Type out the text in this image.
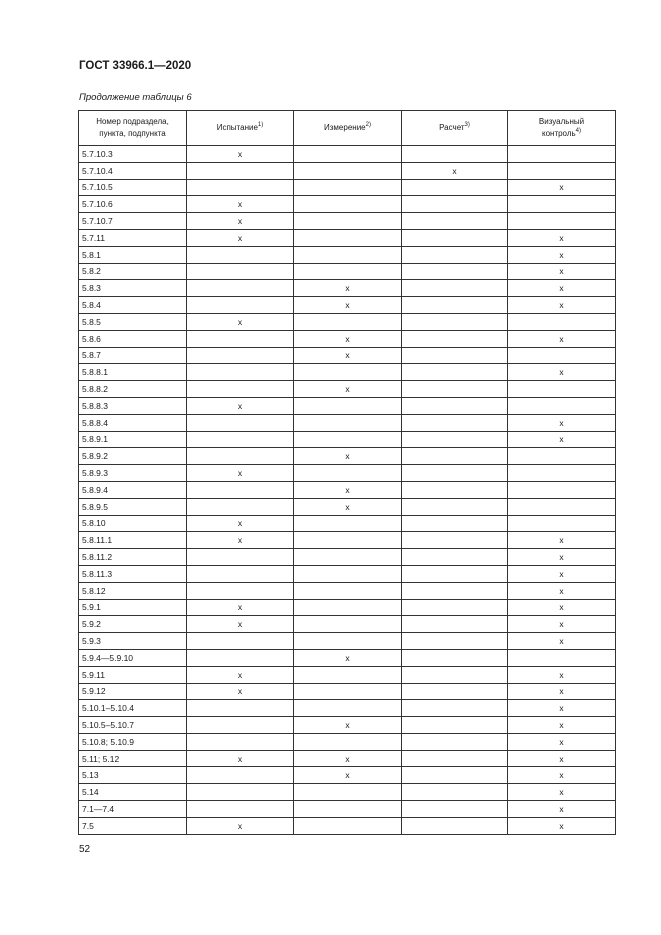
ГОСТ 33966.1—2020
Продолжение таблицы 6
Номер подраздела,
пункта, подпункта	Испытание$^{1)}$	Измерение$^{2)}$	Расчет$^{3)}$	Визуальный
контроль$^{4)}$
5.7.10.3	x			
5.7.10.4			x	
5.7.10.5				x
5.7.10.6	x			
5.7.10.7	x			
5.7.11	x			x
5.8.1				x
5.8.2				x
5.8.3		x		x
5.8.4		x		x
5.8.5	x			
5.8.6		x		x
5.8.7		x		
5.8.8.1				x
5.8.8.2		x		
5.8.8.3	x			
5.8.8.4				x
5.8.9.1				x
5.8.9.2		x		
5.8.9.3	x			
5.8.9.4		x		
5.8.9.5		x		
5.8.10	x			
5.8.11.1	x			x
5.8.11.2				x
5.8.11.3				x
5.8.12				x
5.9.1	x			x
5.9.2	x			x
5.9.3				x
5.9.4—5.9.10		x		
5.9.11	x			x
5.9.12	x			x
5.10.1–5.10.4				x
5.10.5–5.10.7		x		x
5.10.8; 5.10.9				x
5.11; 5.12	x	x		x
5.13		x		x
5.14				x
7.1—7.4				x
7.5	x			x
52
